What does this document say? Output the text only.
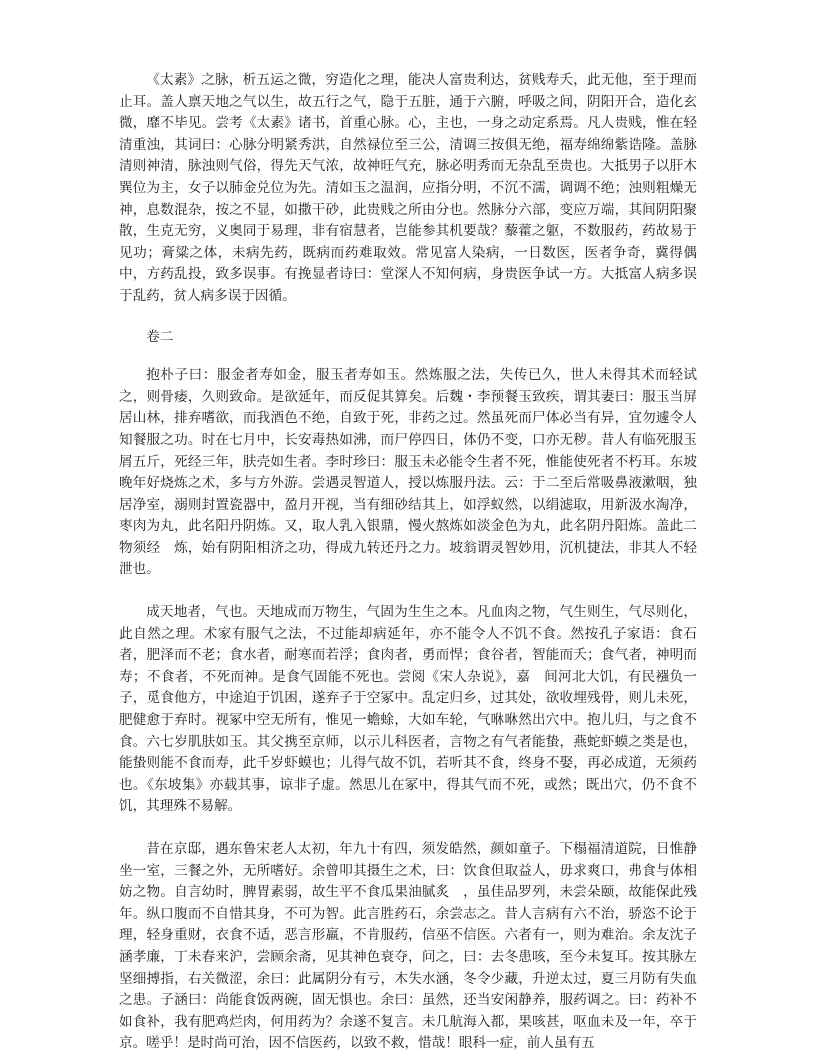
《太素》之脉，析五运之微，穷造化之理，能决人富贵利达，贫贱寿夭，此无他，至于理而止耳。盖人禀天地之气以生，故五行之气，隐于五脏，通于六腑，呼吸之间，阴阳开合，造化玄微，靡不毕见。尝考《太素》诸书，首重心脉。心，主也，一身之动定系焉。凡人贵贱，惟在轻清重浊，其词曰：心脉分明紧秀洪，自然禄位至三公，清调三按俱无绝，福寿绵绵紫诰隆。盖脉清则神清，脉浊则气俗，得先天气浓，故神旺气充，脉必明秀而无杂乱至贵也。大抵男子以肝木巽位为主，女子以肺金兑位为先。清如玉之温润，应指分明，不沉不濡，调调不绝；浊则粗燥无神，息数混杂，按之不显，如撒干砂，此贵贱之所由分也。然脉分六部，变应万端，其间阴阳聚散，生克无穷，义奥同于易理，非有宿慧者，岂能参其机要哉？藜藿之躯，不数服药，药故易于见功；膏粱之体，未病先药，既病而药难取效。常见富人染病，一日数医，医者争奇，冀得偶中，方药乱投，致多误事。有挽显者诗曰：堂深人不知何病，身贵医争试一方。大抵富人病多误于乱药，贫人病多误于因循。

卷二

抱朴子曰：服金者寿如金，服玉者寿如玉。然炼服之法，失传已久，世人未得其术而轻试之，则骨痿，久则致命。是欲延年，而反促其算矣。后魏・李预餐玉致疾，谓其妻曰：服玉当屏居山林，排弃嗜欲，而我酒色不绝，自致于死，非药之过。然虽死而尸体必当有异，宜勿遽令人知餐服之功。时在七月中，长安毒热如沸，而尸停四日，体仍不变，口亦无秽。昔人有临死服玉屑五斤，死经三年，肤壳如生者。李时珍曰：服玉未必能令生者不死，惟能使死者不朽耳。东坡晚年好烧炼之术，多与方外游。尝遇灵智道人，授以炼服丹法。云：于二至后常吸鼻液漱咽，独居净室，溺则封置瓷器中，盈月开视，当有细砂结其上，如浮蚁然，以绢滤取，用新汲水淘净，枣肉为丸，此名阳丹阴炼。又，取人乳入银鼎，慢火熬炼如淡金色为丸，此名阴丹阳炼。盖此二物须经　炼，始有阴阳相济之功，得成九转还丹之力。坡翁谓灵智妙用，沉机捷法，非其人不轻泄也。

成天地者，气也。天地成而万物生，气固为生生之本。凡血肉之物，气生则生，气尽则化，此自然之理。术家有服气之法，不过能却病延年，亦不能令人不饥不食。然按孔子家语：食石者，肥泽而不老；食水者，耐寒而若浮；食肉者，勇而悍；食谷者，智能而夭；食气者，神明而寿；不食者，不死而神。是食气固能不死也。尝阅《宋人杂说》，嘉　间河北大饥，有民襁负一子，觅食他方，中途迫于饥困，遂弃子于空冢中。乱定归乡，过其处，欲收埋残骨，则儿未死，肥健愈于弃时。视冢中空无所有，惟见一蟾蜍，大如车轮，气咻咻然出穴中。抱儿归，与之食不食。六七岁肌肤如玉。其父携至京师，以示儿科医者，言物之有气者能蛰，燕蛇虾蟆之类是也，能蛰则能不食而寿，此千岁虾蟆也；儿得气故不饥，若听其不食，终身不娶，再必成道，无须药也。《东坡集》亦载其事，谅非子虚。然思儿在冢中，得其气而不死，或然；既出穴，仍不食不饥，其理殊不易解。

昔在京邸，遇东鲁宋老人太初，年九十有四，须发皓然，颜如童子。下榻福清道院，日惟静坐一室，三餐之外，无所嗜好。余曾叩其摄生之术，曰：饮食但取益人，毋求爽口，弗食与体相妨之物。自言幼时，脾胃素弱，故生平不食瓜果油腻炙　，虽佳品罗列，未尝朵颐，故能保此残年。纵口腹而不自惜其身，不可为智。此言胜药石，余尝志之。昔人言病有六不治，骄恣不论于理，轻身重财，衣食不适，恶言形羸，不肯服药，信巫不信医。六者有一，则为难治。余友沈子涵孝廉，丁未春来沪，尝顾余斋，见其神色衰夺，问之，曰：去冬患咳，至今未复耳。按其脉左坚细搏指，右关微涩，余曰：此属阴分有亏，木失水涵，冬令少藏，升逆太过，夏三月防有失血之患。子涵曰：尚能食饭两碗，固无惧也。余曰：虽然，还当安闲静养，服药调之。曰：药补不如食补，我有肥鸡烂肉，何用药为？余遂不复言。未几航海入都，果咳甚，呕血未及一年，卒于京。嗟乎！是时尚可治，因不信医药，以致不救，惜哉！眼科一症，前人虽有五
